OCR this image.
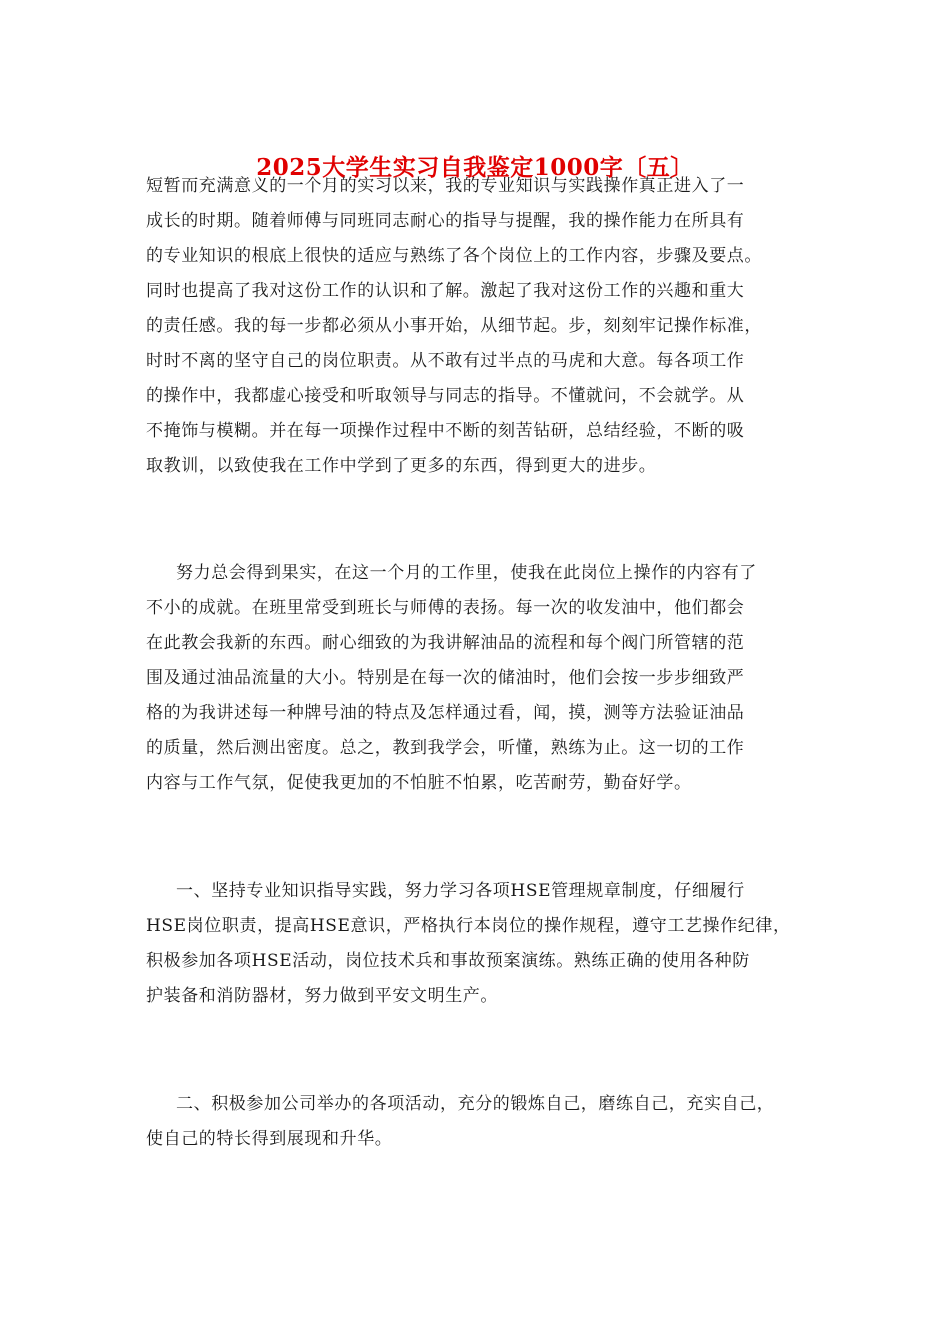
2025大学生实习自我鉴定1000字〔五〕
短暂而充满意义的一个月的实习以来，我的专业知识与实践操作真正进入了一
成长的时期。随着师傅与同班同志耐心的指导与提醒，我的操作能力在所具有
的专业知识的根底上很快的适应与熟练了各个岗位上的工作内容，步骤及要点。
同时也提高了我对这份工作的认识和了解。激起了我对这份工作的兴趣和重大
的责任感。我的每一步都必须从小事开始，从细节起。步，刻刻牢记操作标准，
时时不离的坚守自己的岗位职责。从不敢有过半点的马虎和大意。每各项工作
的操作中，我都虚心接受和听取领导与同志的指导。不懂就问，不会就学。从
不掩饰与模糊。并在每一项操作过程中不断的刻苦钻研，总结经验，不断的吸
取教训，以致使我在工作中学到了更多的东西，得到更大的进步。
努力总会得到果实，在这一个月的工作里，使我在此岗位上操作的内容有了
不小的成就。在班里常受到班长与师傅的表扬。每一次的收发油中，他们都会
在此教会我新的东西。耐心细致的为我讲解油品的流程和每个阀门所管辖的范
围及通过油品流量的大小。特别是在每一次的储油时，他们会按一步步细致严
格的为我讲述每一种牌号油的特点及怎样通过看，闻，摸，测等方法验证油品
的质量，然后测出密度。总之，教到我学会，听懂，熟练为止。这一切的工作
内容与工作气氛，促使我更加的不怕脏不怕累，吃苦耐劳，勤奋好学。
一、坚持专业知识指导实践，努力学习各项HSE管理规章制度，仔细履行
HSE岗位职责，提高HSE意识，严格执行本岗位的操作规程，遵守工艺操作纪律，
积极参加各项HSE活动，岗位技术兵和事故预案演练。熟练正确的使用各种防
护装备和消防器材，努力做到平安文明生产。
二、积极参加公司举办的各项活动，充分的锻炼自己，磨练自己，充实自己，
使自己的特长得到展现和升华。
